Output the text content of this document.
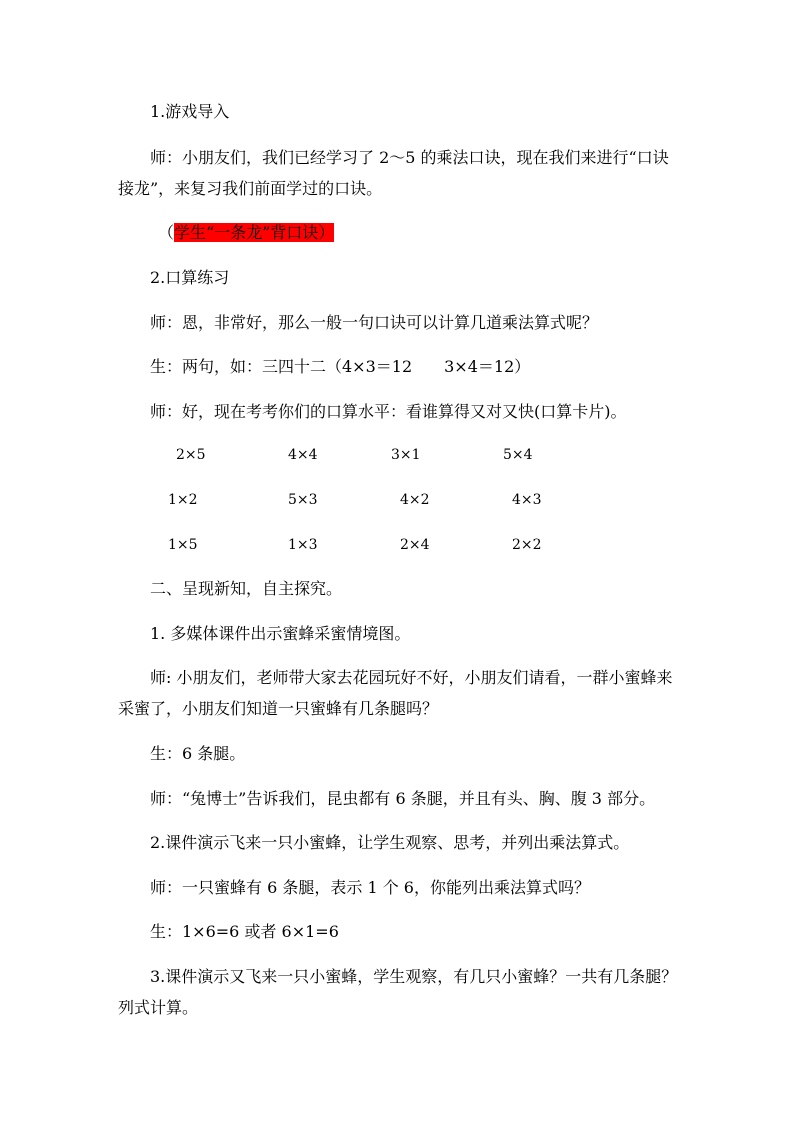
1.游戏导入
师：小朋友们，我们已经学习了 2～5 的乘法口诀，现在我们来进行“口诀
接龙”，来复习我们前面学过的口诀。
（学生“一条龙”背口诀）
2.口算练习
师：恩，非常好，那么一般一句口诀可以计算几道乘法算式呢？
生：两句，如：三四十二（4×3＝12　　3×4＝12）
师：好，现在考考你们的口算水平：看谁算得又对又快(口算卡片)。
2×5	4×4	3×1	5×4
1×2	5×3	4×2	4×3
1×5	1×3	2×4	2×2
二、呈现新知，自主探究。
1. 多媒体课件出示蜜蜂采蜜情境图。
师: 小朋友们，老师带大家去花园玩好不好，小朋友们请看，一群小蜜蜂来
采蜜了，小朋友们知道一只蜜蜂有几条腿吗？
生：6 条腿。
师：“兔博士”告诉我们，昆虫都有 6 条腿，并且有头、胸、腹 3 部分。
2.课件演示飞来一只小蜜蜂，让学生观察、思考，并列出乘法算式。
师：一只蜜蜂有 6 条腿，表示 1 个 6，你能列出乘法算式吗？
生：1×6=6 或者 6×1=6
3.课件演示又飞来一只小蜜蜂，学生观察，有几只小蜜蜂？一共有几条腿？
列式计算。
